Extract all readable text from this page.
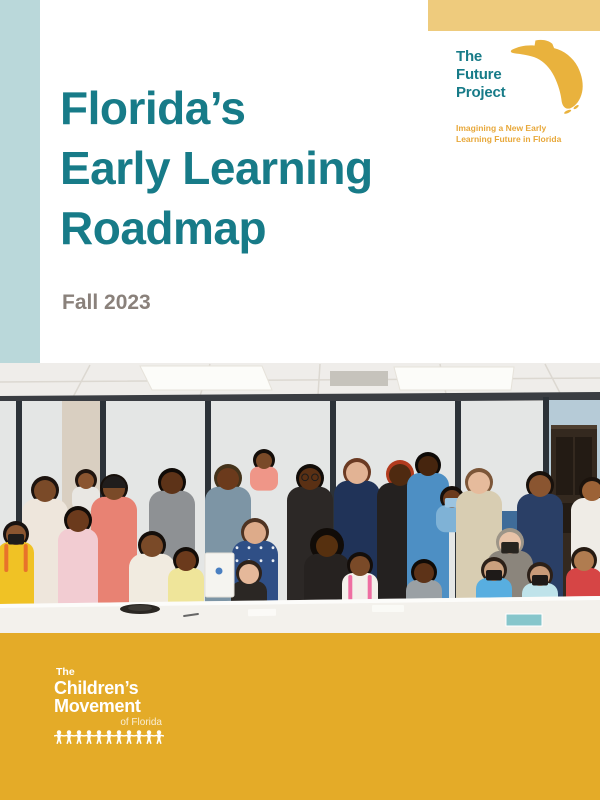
The
Future
Project
Imagining a New Early
Learning Future in Florida
Florida’s
Early Learning
Roadmap
Fall 2023
The
Children’s
Movement
of Florida
